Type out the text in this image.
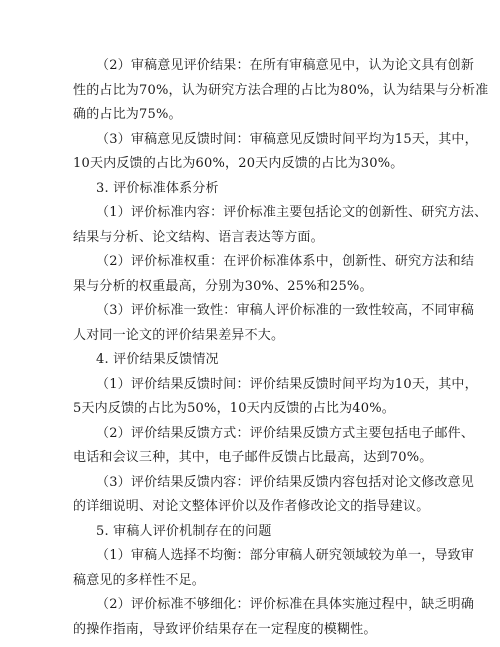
（2）审稿意见评价结果：在所有审稿意见中，认为论文具有创新
性的占比为70%，认为研究方法合理的占比为80%，认为结果与分析准
确的占比为75%。
（3）审稿意见反馈时间：审稿意见反馈时间平均为15天，其中，
10天内反馈的占比为60%，20天内反馈的占比为30%。
3. 评价标准体系分析
（1）评价标准内容：评价标准主要包括论文的创新性、研究方法、
结果与分析、论文结构、语言表达等方面。
（2）评价标准权重：在评价标准体系中，创新性、研究方法和结
果与分析的权重最高，分别为30%、25%和25%。
（3）评价标准一致性：审稿人评价标准的一致性较高，不同审稿
人对同一论文的评价结果差异不大。
4. 评价结果反馈情况
（1）评价结果反馈时间：评价结果反馈时间平均为10天，其中，
5天内反馈的占比为50%，10天内反馈的占比为40%。
（2）评价结果反馈方式：评价结果反馈方式主要包括电子邮件、
电话和会议三种，其中，电子邮件反馈占比最高，达到70%。
（3）评价结果反馈内容：评价结果反馈内容包括对论文修改意见
的详细说明、对论文整体评价以及作者修改论文的指导建议。
5. 审稿人评价机制存在的问题
（1）审稿人选择不均衡：部分审稿人研究领域较为单一，导致审
稿意见的多样性不足。
（2）评价标准不够细化：评价标准在具体实施过程中，缺乏明确
的操作指南，导致评价结果存在一定程度的模糊性。
